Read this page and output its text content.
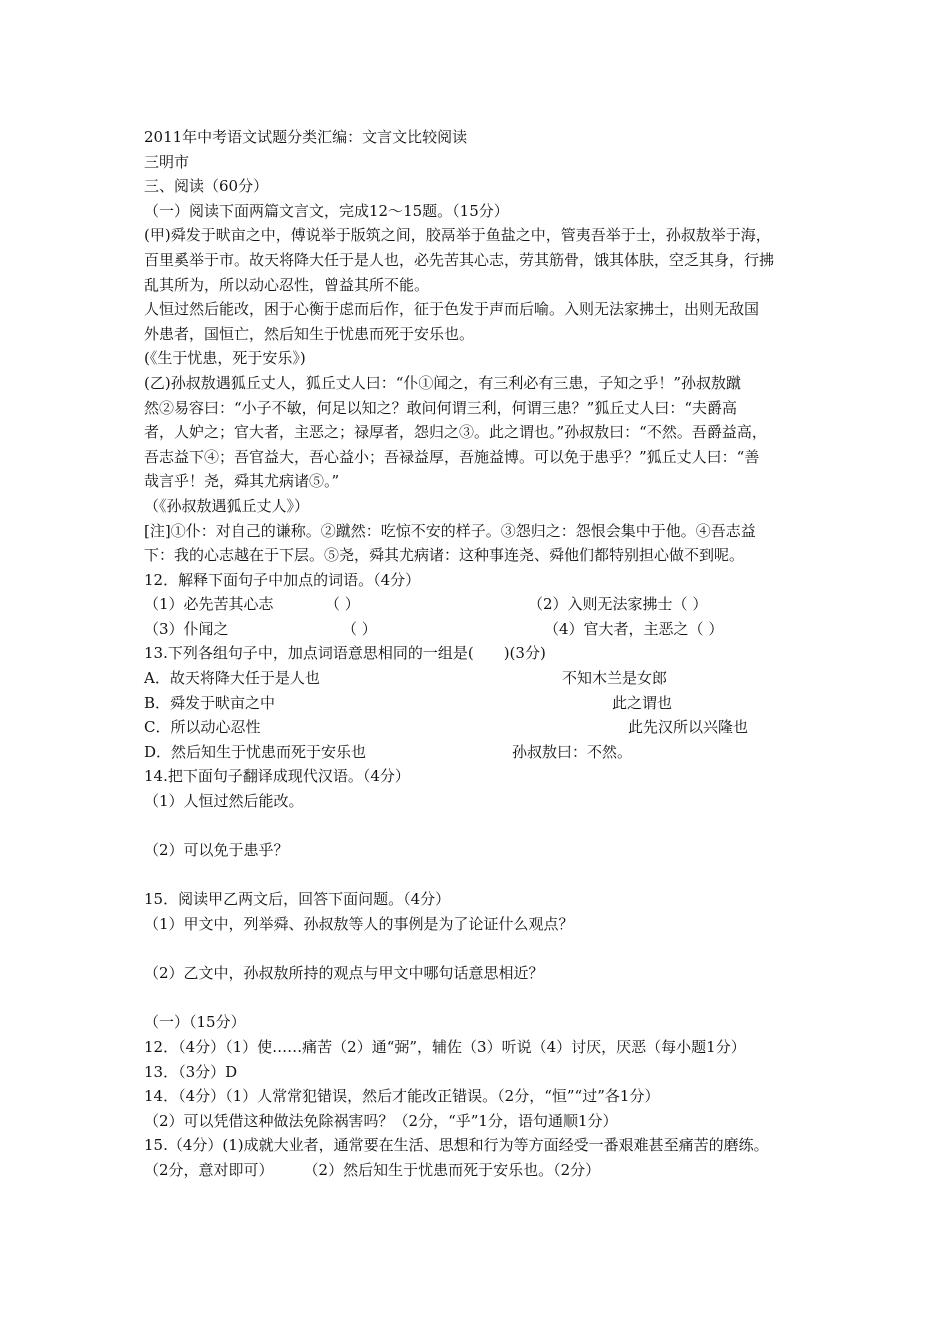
2011年中考语文试题分类汇编：文言文比较阅读
三明市
三、阅读（60分）
（一）阅读下面两篇文言文，完成12～15题。（15分）
(甲)舜发于畎亩之中，傅说举于版筑之间，胶鬲举于鱼盐之中，管夷吾举于士，孙叔敖举于海，
百里奚举于市。故天将降大任于是人也，必先苦其心志，劳其筋骨，饿其体肤，空乏其身，行拂
乱其所为，所以动心忍性，曾益其所不能。
人恒过然后能改，困于心衡于虑而后作，征于色发于声而后喻。入则无法家拂士，出则无敌国
外患者，国恒亡，然后知生于忧患而死于安乐也。
(《生于忧患，死于安乐》)
(乙)孙叔敖遇狐丘丈人，狐丘丈人曰：“仆①闻之，有三利必有三患，子知之乎！”孙叔敖蹴
然②易容曰：“小子不敏，何足以知之？敢问何谓三利，何谓三患？”狐丘丈人曰：“夫爵高
者，人妒之；官大者，主恶之；禄厚者，怨归之③。此之谓也。”孙叔敖曰：“不然。吾爵益高，
吾志益下④；吾官益大，吾心益小；吾禄益厚，吾施益博。可以免于患乎？”狐丘丈人曰：“善
哉言乎！尧，舜其尤病诸⑤。”
（《孙叔敖遇狐丘丈人》）
[注]①仆：对自己的谦称。②蹴然：吃惊不安的样子。③怨归之：怨恨会集中于他。④吾志益
下：我的心志越在于下层。⑤尧，舜其尤病诸：这种事连尧、舜他们都特别担心做不到呢。
12．解释下面句子中加点的词语。（4分）
（1）必先苦其心志	（ ）	（2）入则无法家拂士（ ）
（3）仆闻之	（ ）	（4）官大者，主恶之（ ）
13.下列各组句子中，加点词语意思相同的一组是(　　)(3分)
A．故天将降大任于是人也	不知木兰是女郎
B．舜发于畎亩之中	此之谓也
C．所以动心忍性	此先汉所以兴隆也
D．然后知生于忧患而死于安乐也	孙叔敖曰：不然。
14.把下面句子翻译成现代汉语。（4分）
（1）人恒过然后能改。
（2）可以免于患乎？
15．阅读甲乙两文后，回答下面问题。（4分）
（1）甲文中，列举舜、孙叔敖等人的事例是为了论证什么观点？
（2）乙文中，孙叔敖所持的观点与甲文中哪句话意思相近？
（一）（15分）
12．（4分）（1）使……痛苦（2）通“弼”，辅佐（3）听说（4）讨厌，厌恶（每小题1分）
13．（3分）D
14．（4分）（1）人常常犯错误，然后才能改正错误。（2分，“恒”“过”各1分）
（2）可以凭借这种做法免除祸害吗？（2分，“乎”1分，语句通顺1分）
15.（4分）(1)成就大业者，通常要在生活、思想和行为等方面经受一番艰难甚至痛苦的磨练。
（2分，意对即可）　　　（2）然后知生于忧患而死于安乐也。（2分）
